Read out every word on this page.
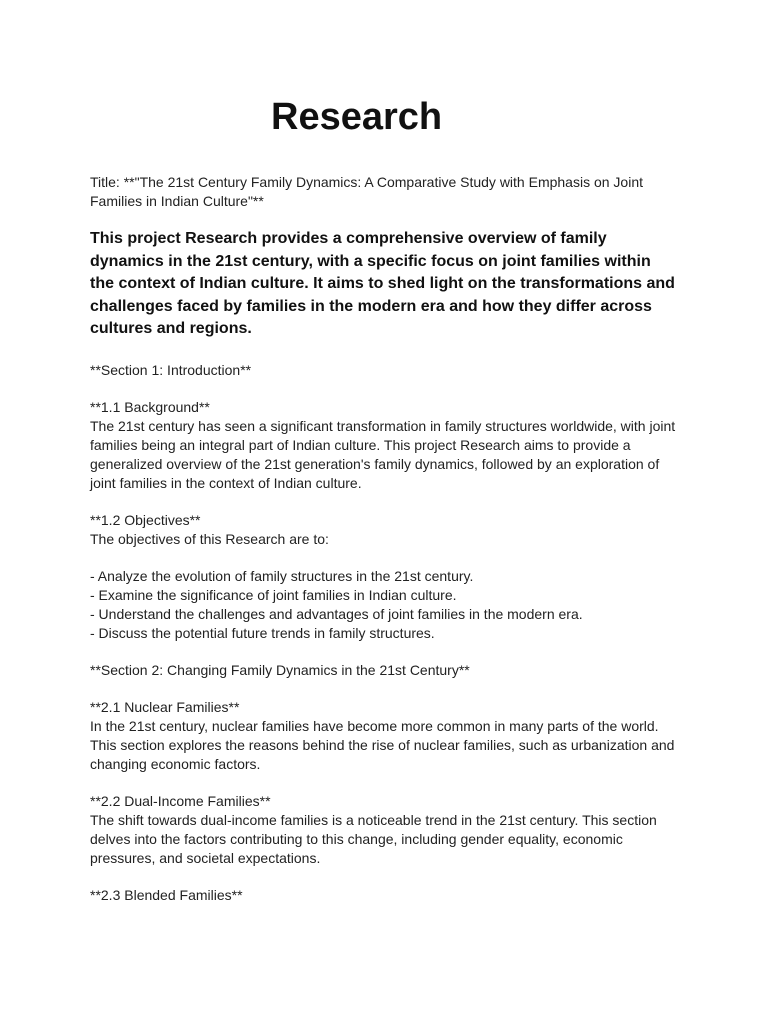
Research

Title: **"The 21st Century Family Dynamics: A Comparative Study with Emphasis on Joint Families in Indian Culture"**

This project Research provides a comprehensive overview of family dynamics in the 21st century, with a specific focus on joint families within the context of Indian culture. It aims to shed light on the transformations and challenges faced by families in the modern era and how they differ across cultures and regions.

**Section 1: Introduction**

**1.1 Background**

The 21st century has seen a significant transformation in family structures worldwide, with joint families being an integral part of Indian culture. This project Research aims to provide a generalized overview of the 21st generation's family dynamics, followed by an exploration of joint families in the context of Indian culture.

**1.2 Objectives**

The objectives of this Research are to:

- Analyze the evolution of family structures in the 21st century.
- Examine the significance of joint families in Indian culture.
- Understand the challenges and advantages of joint families in the modern era.
- Discuss the potential future trends in family structures.

**Section 2: Changing Family Dynamics in the 21st Century**

**2.1 Nuclear Families**

In the 21st century, nuclear families have become more common in many parts of the world. This section explores the reasons behind the rise of nuclear families, such as urbanization and changing economic factors.

**2.2 Dual-Income Families**

The shift towards dual-income families is a noticeable trend in the 21st century. This section delves into the factors contributing to this change, including gender equality, economic pressures, and societal expectations.

**2.3 Blended Families**
